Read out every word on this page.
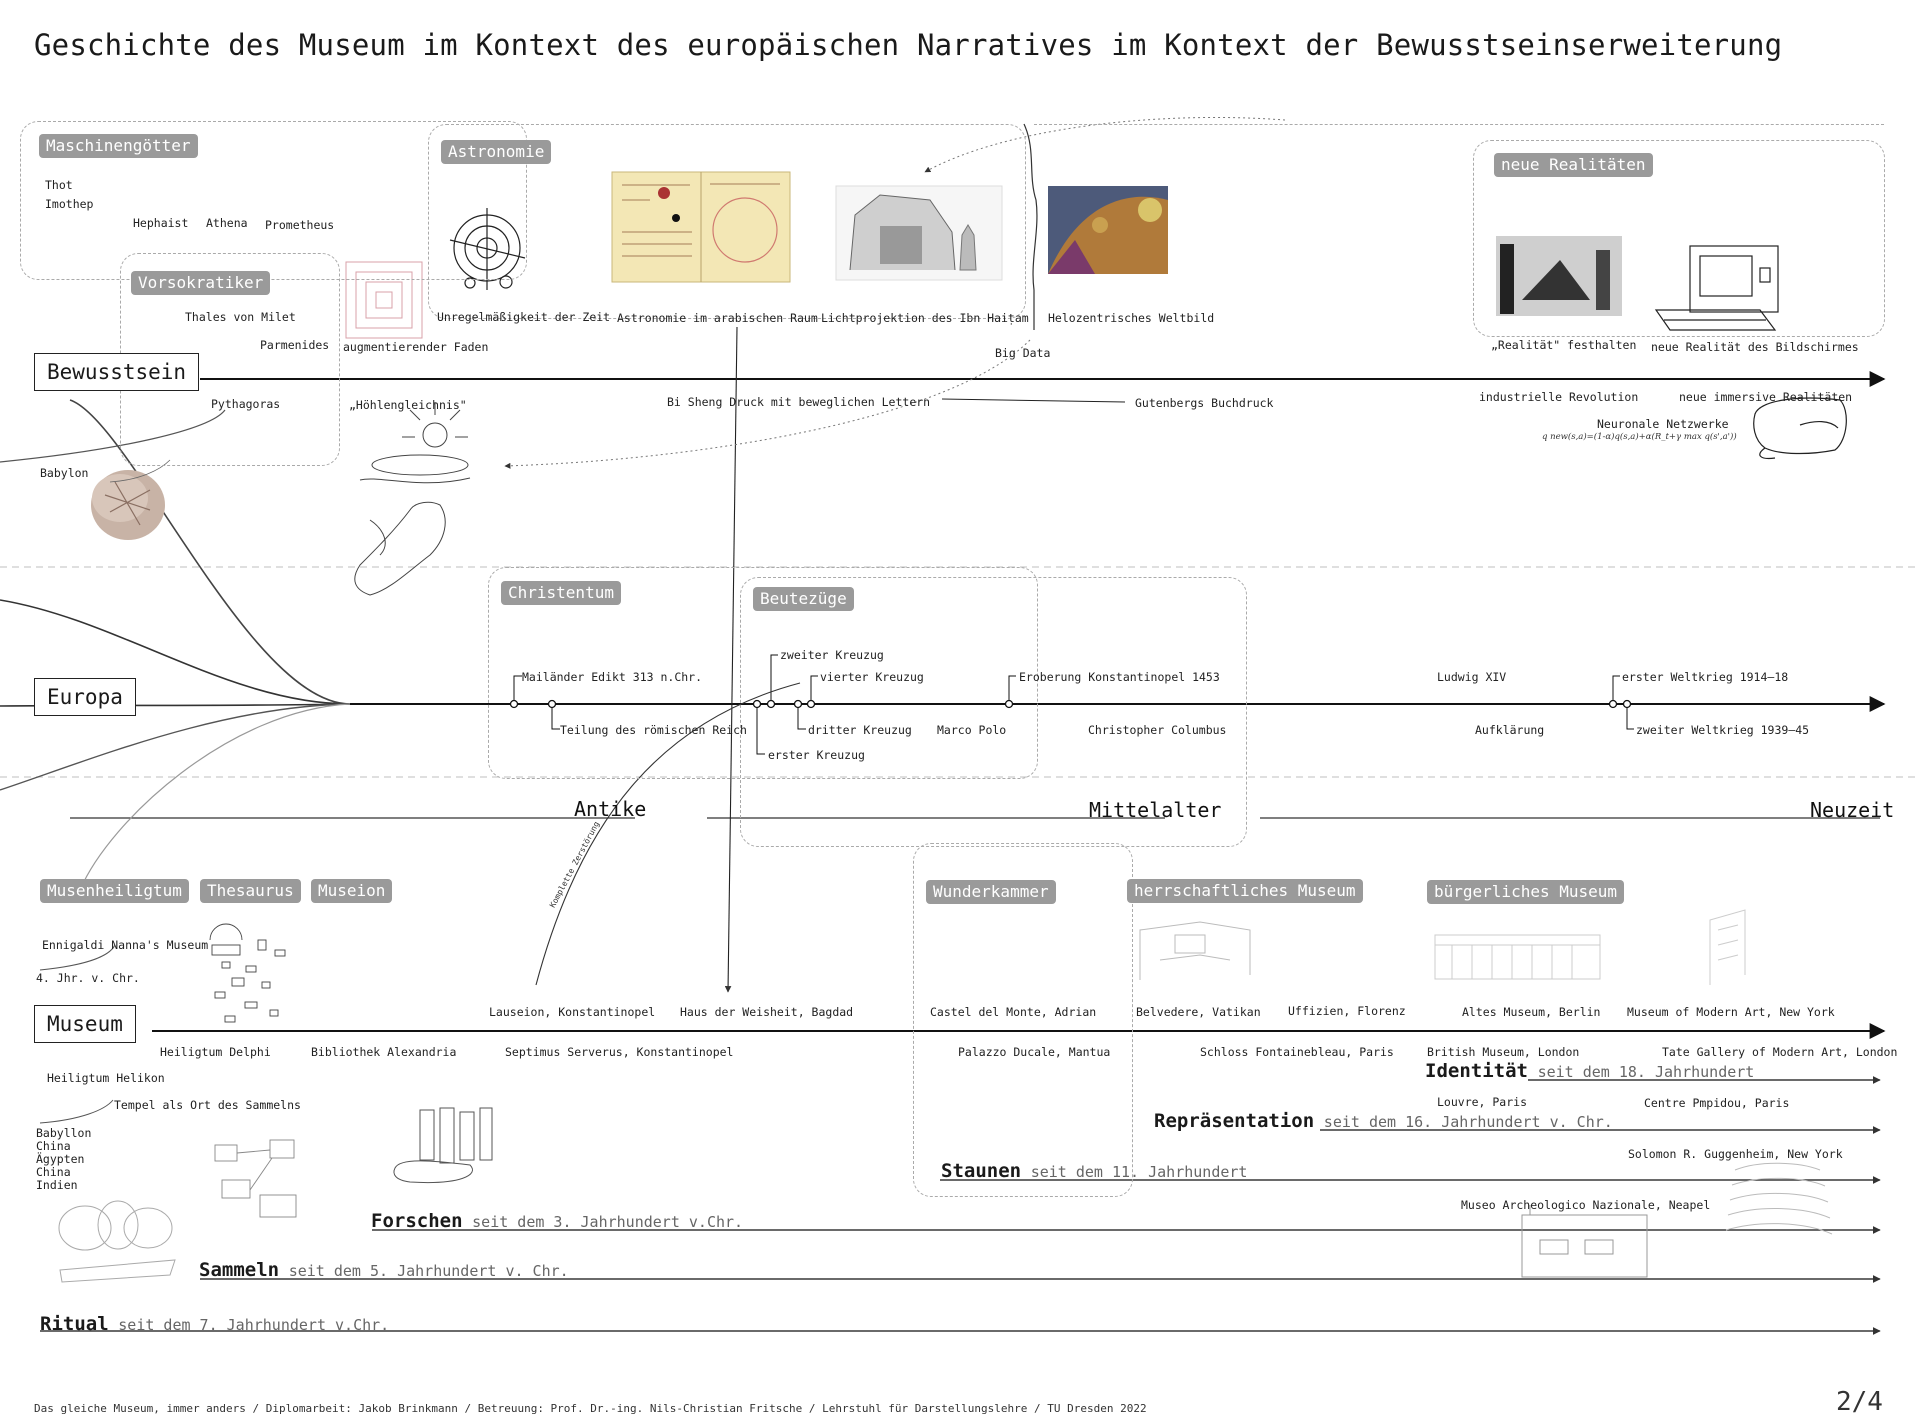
Geschichte des Museum im Kontext des europäischen Narratives im Kontext der Bewusstseinserweiterung
Bewusstsein
Europa
Museum
Maschinengötter
Vorsokratiker
Astronomie
neue Realitäten
Christentum	Beutezüge
Musenheiligtum	Thesaurus	Museion	Wunderkammer	herrschaftliches Museum	bürgerliches Museum
Thot
Imothep
Hephaist Athena Prometheus
Thales von Milet
Parmenides
Pythagoras
Babylon
augmentierender Faden
„Höhlengleichnis"
Unregelmäßigkeit der Zeit Astronomie im arabischen Raum Lichtprojektion des Ibn Haiṭam Helozentrisches Weltbild
Big Data
Bi Sheng Druck mit beweglichen Lettern	Gutenbergs Buchdruck
„Realität" festhalten neue Realität des Bildschirmes
industrielle Revolution	neue immersive Realitäten
Neuronale Netzwerke
q new(s,a)=(1-α)q(s,a)+α(R_t+γ max q(s',a'))
Mailänder Edikt 313 n.Chr.
Teilung des römischen Reich
zweiter Kreuzug
vierter Kreuzug
dritter Kreuzug
erster Kreuzug
Marco Polo
Eroberung Konstantinopel 1453
Christopher Columbus
Ludwig XIV
Aufklärung
erster Weltkrieg 1914–18
zweiter Weltkrieg 1939–45
Antike	Mittelalter	Neuzeit
Ennigaldi Nanna's Museum
4. Jhr. v. Chr.
Heiligtum Delphi	Bibliothek Alexandria
Heiligtum Helikon
Tempel als Ort des Sammelns
Babyllon
China
Ägypten
China
Indien
Lauseion, Konstantinopel Haus der Weisheit, Bagdad
Septimus Serverus, Konstantinopel
Komplette Zerstörung
Castel del Monte, Adrian
Palazzo Ducale, Mantua
Belvedere, Vatikan Uffizien, Florenz
Schloss Fontainebleau, Paris
Altes Museum, Berlin Museum of Modern Art, New York
British Museum, London	Tate Gallery of Modern Art, London
Louvre, Paris	Centre Pmpidou, Paris
Solomon R. Guggenheim, New York
Museo Archeologico Nazionale, Neapel
Identität seit dem 18. Jahrhundert
Repräsentation seit dem 16. Jahrhundert v. Chr.
Staunen seit dem 11. Jahrhundert
Forschen seit dem 3. Jahrhundert v.Chr.
Sammeln seit dem 5. Jahrhundert v. Chr.
Ritual seit dem 7. Jahrhundert v.Chr.
Das gleiche Museum, immer anders / Diplomarbeit: Jakob Brinkmann / Betreuung: Prof. Dr.-ing. Nils-Christian Fritsche / Lehrstuhl für Darstellungslehre / TU Dresden 2022	2/4
